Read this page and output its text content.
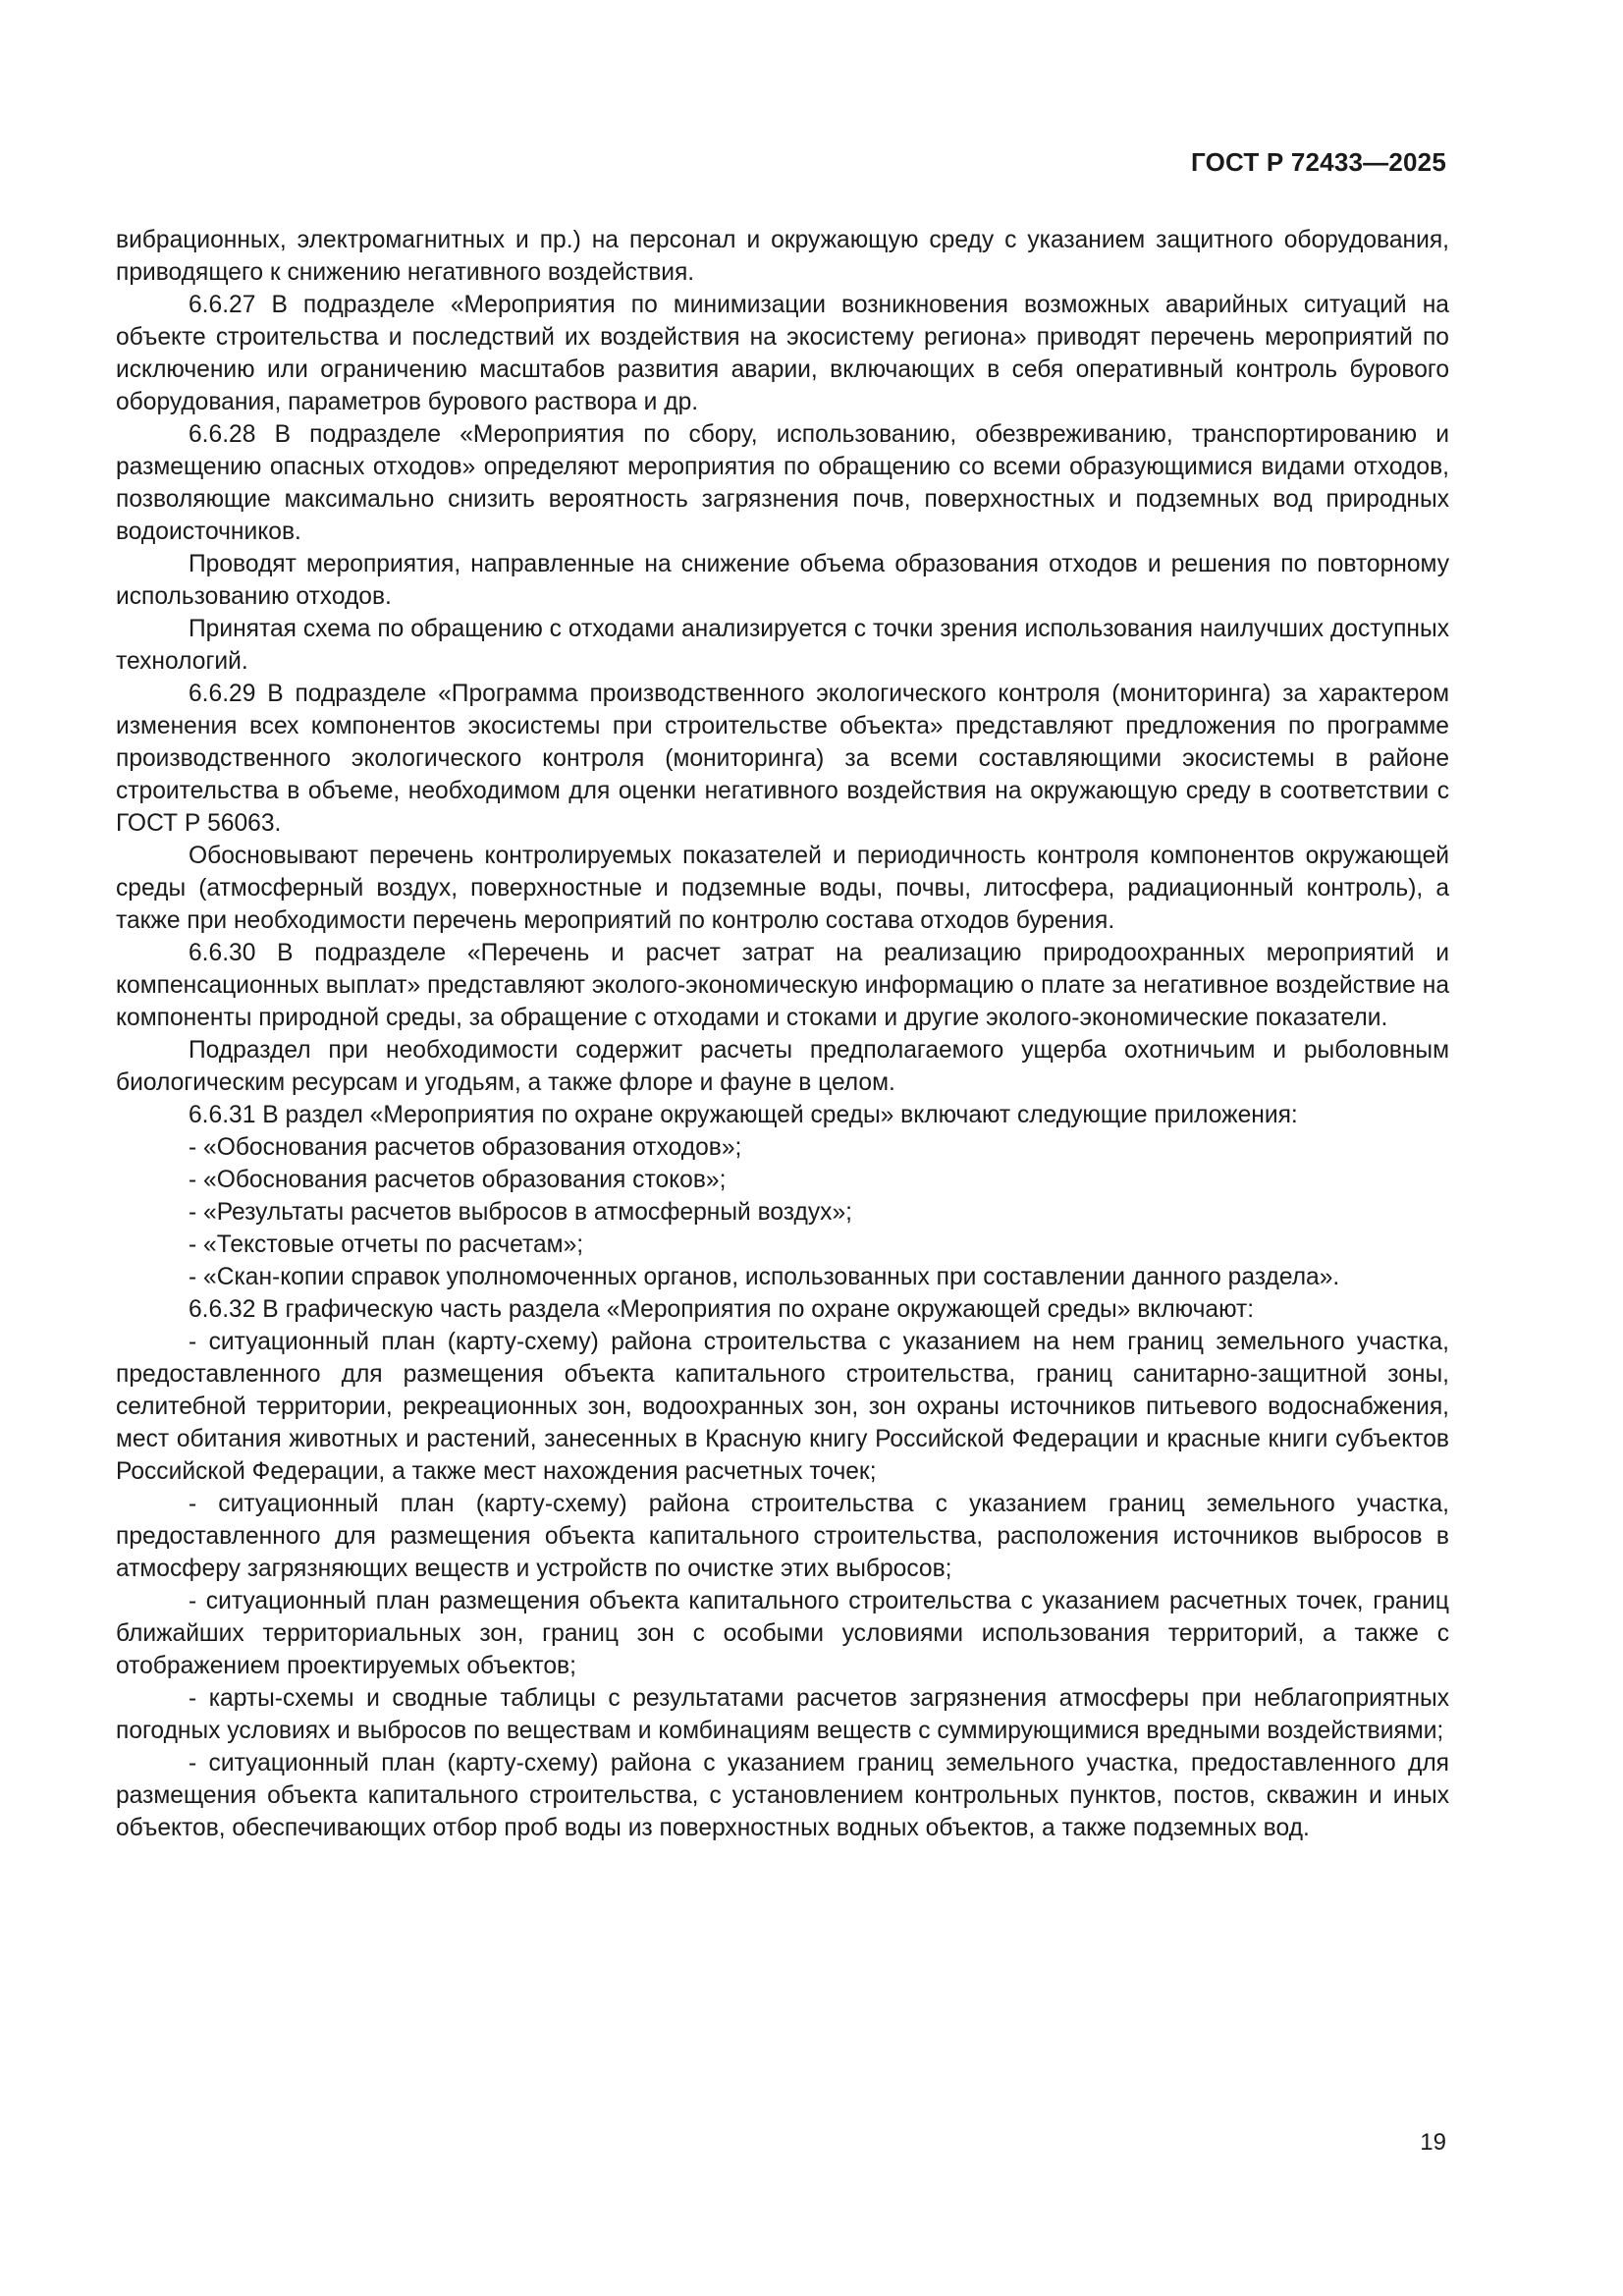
ГОСТ Р 72433—2025

вибрационных, электромагнитных и пр.) на персонал и окружающую среду с указанием защитного оборудования, приводящего к снижению негативного воздействия.

6.6.27 В подразделе «Мероприятия по минимизации возникновения возможных аварийных ситуаций на объекте строительства и последствий их воздействия на экосистему региона» приводят перечень мероприятий по исключению или ограничению масштабов развития аварии, включающих в себя оперативный контроль бурового оборудования, параметров бурового раствора и др.

6.6.28 В подразделе «Мероприятия по сбору, использованию, обезвреживанию, транспортированию и размещению опасных отходов» определяют мероприятия по обращению со всеми образующимися видами отходов, позволяющие максимально снизить вероятность загрязнения почв, поверхностных и подземных вод природных водоисточников.

Проводят мероприятия, направленные на снижение объема образования отходов и решения по повторному использованию отходов.

Принятая схема по обращению с отходами анализируется с точки зрения использования наилучших доступных технологий.

6.6.29 В подразделе «Программа производственного экологического контроля (мониторинга) за характером изменения всех компонентов экосистемы при строительстве объекта» представляют предложения по программе производственного экологического контроля (мониторинга) за всеми составляющими экосистемы в районе строительства в объеме, необходимом для оценки негативного воздействия на окружающую среду в соответствии с ГОСТ Р 56063.

Обосновывают перечень контролируемых показателей и периодичность контроля компонентов окружающей среды (атмосферный воздух, поверхностные и подземные воды, почвы, литосфера, радиационный контроль), а также при необходимости перечень мероприятий по контролю состава отходов бурения.

6.6.30 В подразделе «Перечень и расчет затрат на реализацию природоохранных мероприятий и компенсационных выплат» представляют эколого-экономическую информацию о плате за негативное воздействие на компоненты природной среды, за обращение с отходами и стоками и другие эколого-экономические показатели.

Подраздел при необходимости содержит расчеты предполагаемого ущерба охотничьим и рыболовным биологическим ресурсам и угодьям, а также флоре и фауне в целом.

6.6.31 В раздел «Мероприятия по охране окружающей среды» включают следующие приложения:

- «Обоснования расчетов образования отходов»;

- «Обоснования расчетов образования стоков»;

- «Результаты расчетов выбросов в атмосферный воздух»;

- «Текстовые отчеты по расчетам»;

- «Скан-копии справок уполномоченных органов, использованных при составлении данного раздела».

6.6.32 В графическую часть раздела «Мероприятия по охране окружающей среды» включают:

- ситуационный план (карту-схему) района строительства с указанием на нем границ земельного участка, предоставленного для размещения объекта капитального строительства, границ санитарно-защитной зоны, селитебной территории, рекреационных зон, водоохранных зон, зон охраны источников питьевого водоснабжения, мест обитания животных и растений, занесенных в Красную книгу Российской Федерации и красные книги субъектов Российской Федерации, а также мест нахождения расчетных точек;

- ситуационный план (карту-схему) района строительства с указанием границ земельного участка, предоставленного для размещения объекта капитального строительства, расположения источников выбросов в атмосферу загрязняющих веществ и устройств по очистке этих выбросов;

- ситуационный план размещения объекта капитального строительства с указанием расчетных точек, границ ближайших территориальных зон, границ зон с особыми условиями использования территорий, а также с отображением проектируемых объектов;

- карты-схемы и сводные таблицы с результатами расчетов загрязнения атмосферы при неблагоприятных погодных условиях и выбросов по веществам и комбинациям веществ с суммирующимися вредными воздействиями;

- ситуационный план (карту-схему) района с указанием границ земельного участка, предоставленного для размещения объекта капитального строительства, с установлением контрольных пунктов, постов, скважин и иных объектов, обеспечивающих отбор проб воды из поверхностных водных объектов, а также подземных вод.

19
